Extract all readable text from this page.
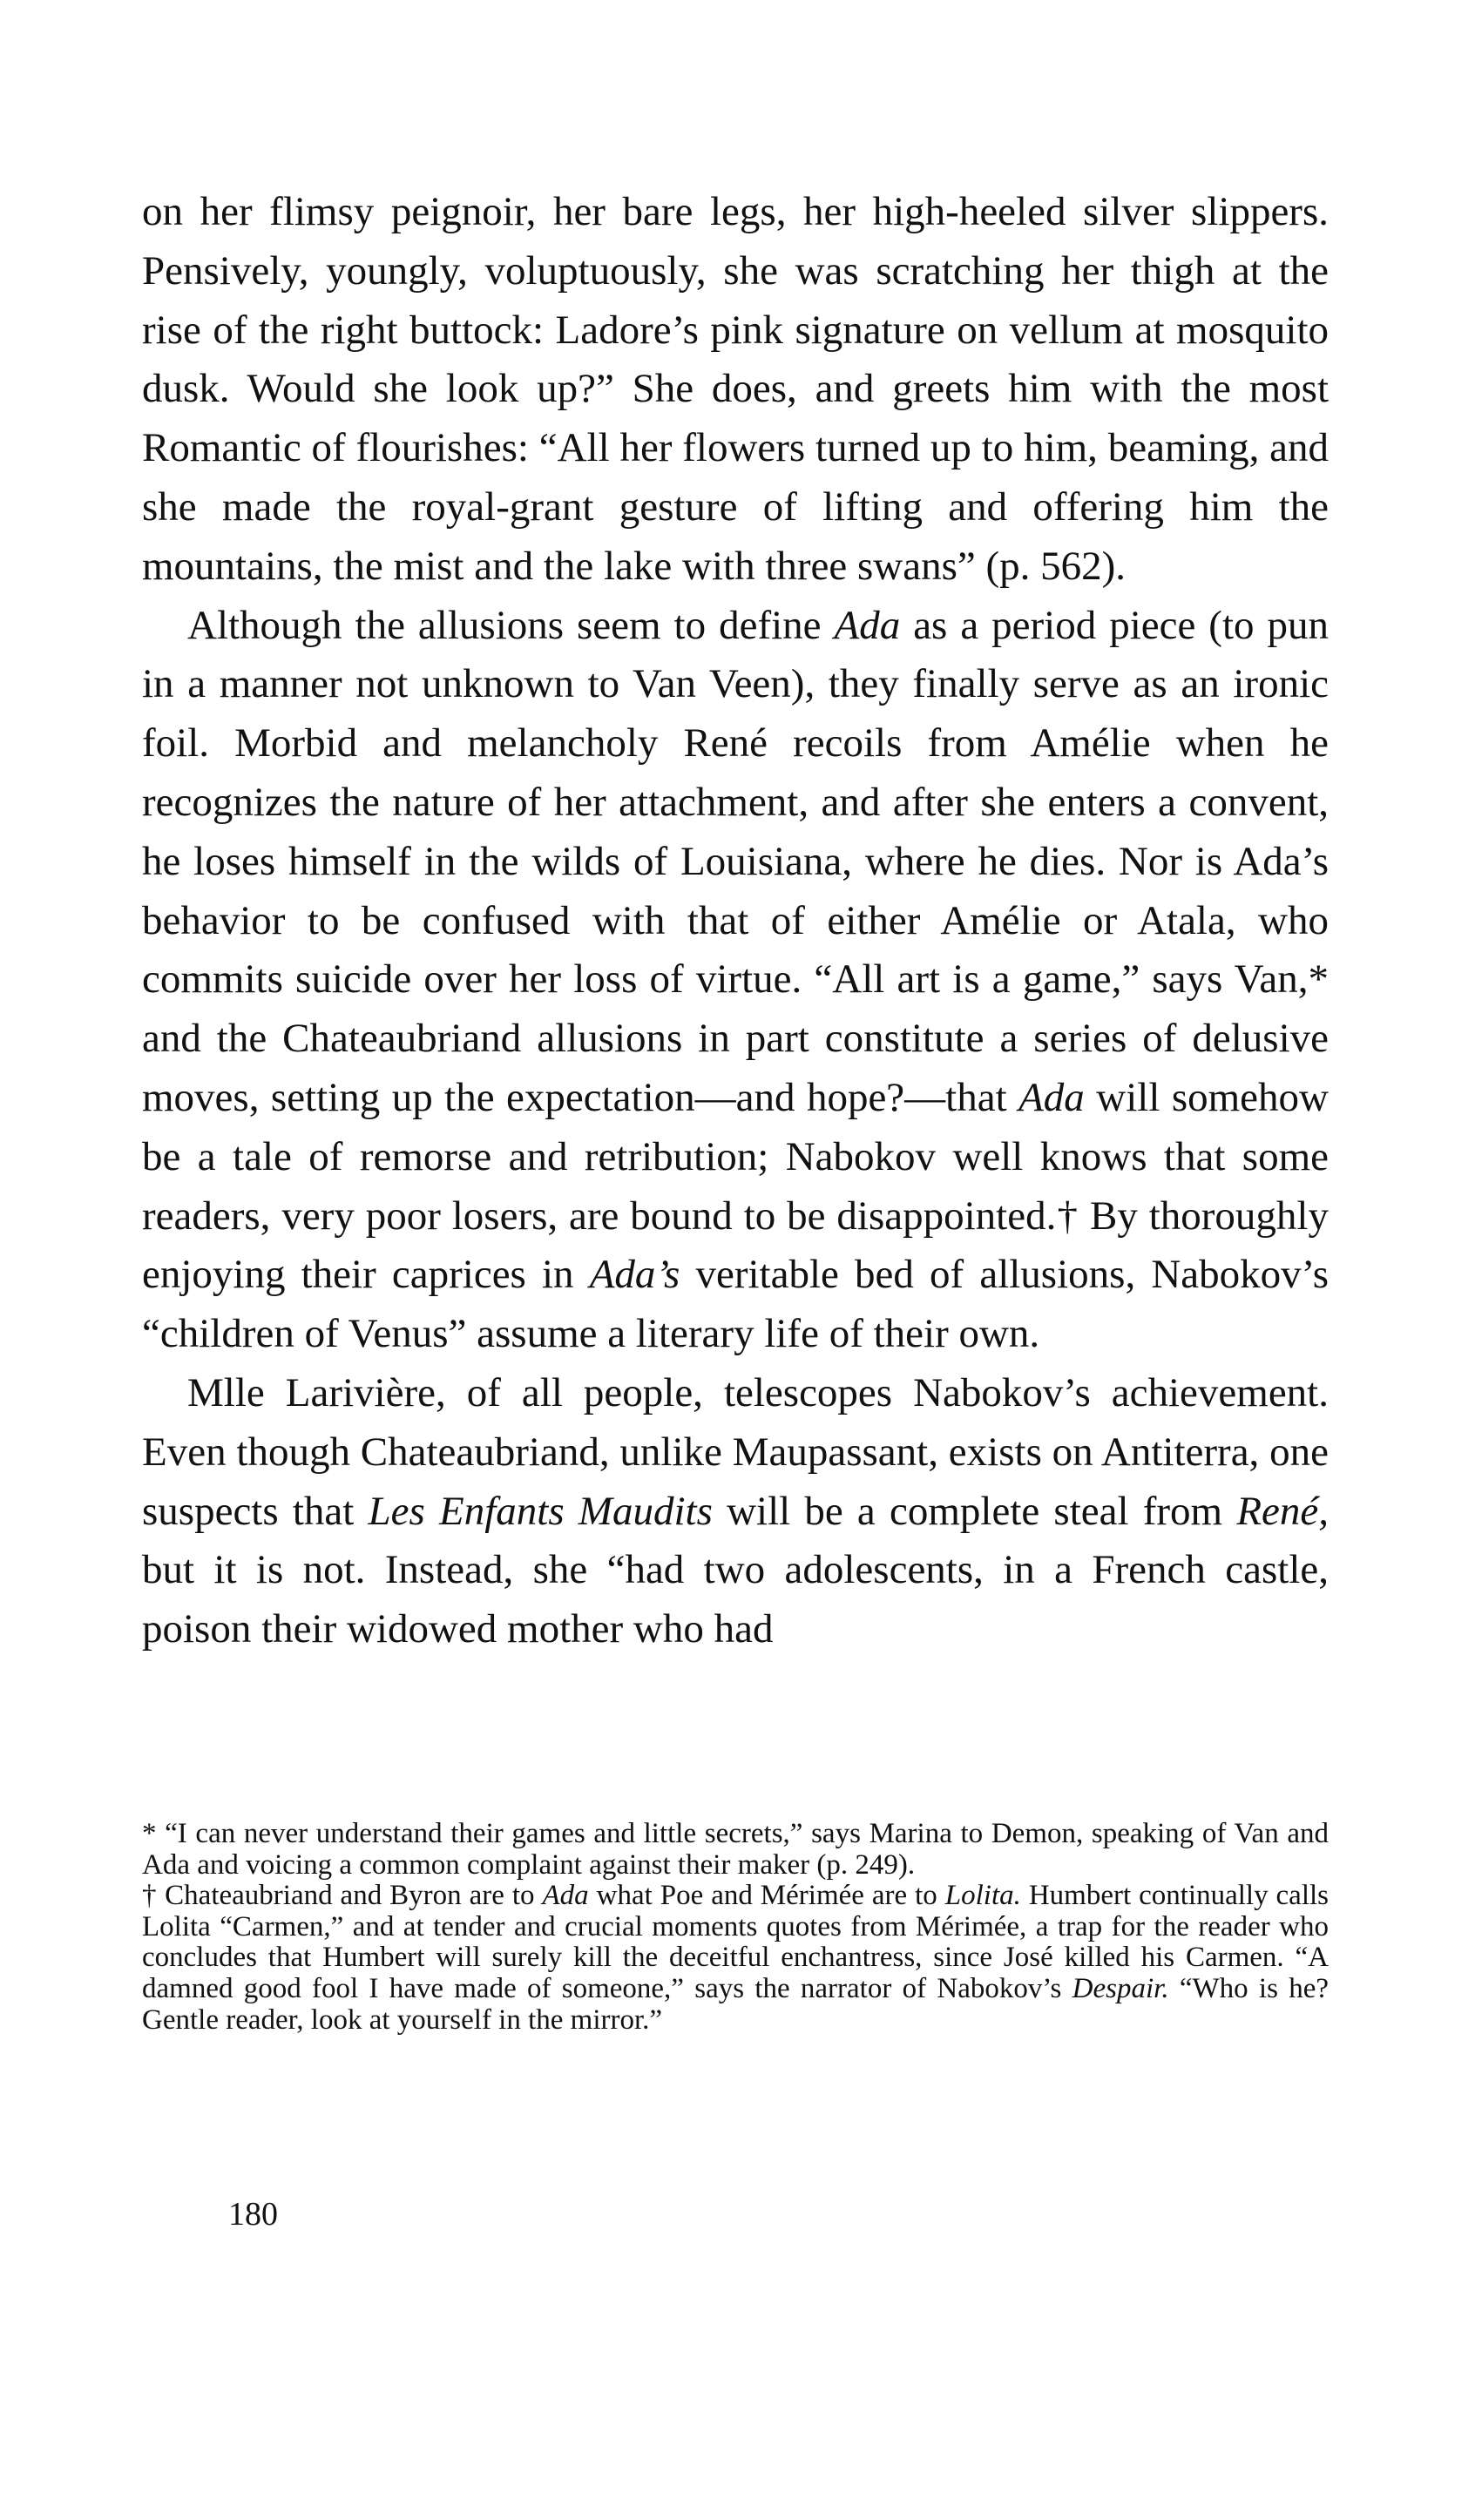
on her flimsy peignoir, her bare legs, her high-heeled silver slippers. Pensively, youngly, voluptuously, she was scratching her thigh at the rise of the right buttock: Ladore’s pink signature on vellum at mosquito dusk. Would she look up?” She does, and greets him with the most Romantic of flourishes: “All her flowers turned up to him, beaming, and she made the royal-grant gesture of lifting and offering him the mountains, the mist and the lake with three swans” (p. 562).

Although the allusions seem to define Ada as a period piece (to pun in a manner not unknown to Van Veen), they finally serve as an ironic foil. Morbid and melancholy René recoils from Amélie when he recognizes the nature of her attachment, and after she enters a convent, he loses himself in the wilds of Louisiana, where he dies. Nor is Ada’s behavior to be confused with that of either Amélie or Atala, who commits suicide over her loss of virtue. “All art is a game,” says Van,* and the Chateaubriand allusions in part constitute a series of delusive moves, setting up the expectation—and hope?—that Ada will somehow be a tale of remorse and retribution; Nabokov well knows that some readers, very poor losers, are bound to be disappointed.† By thoroughly enjoying their caprices in Ada’s veritable bed of allusions, Nabokov’s “children of Venus” assume a literary life of their own.

Mlle Larivière, of all people, telescopes Nabokov’s achievement. Even though Chateaubriand, unlike Maupassant, exists on Antiterra, one suspects that Les Enfants Maudits will be a complete steal from René, but it is not. Instead, she “had two adolescents, in a French castle, poison their widowed mother who had

* “I can never understand their games and little secrets,” says Marina to Demon, speaking of Van and Ada and voicing a common complaint against their maker (p. 249).

† Chateaubriand and Byron are to Ada what Poe and Mérimée are to Lolita. Humbert continually calls Lolita “Carmen,” and at tender and crucial moments quotes from Mérimée, a trap for the reader who concludes that Humbert will surely kill the deceitful enchantress, since José killed his Carmen. “A damned good fool I have made of someone,” says the narrator of Nabokov’s Despair. “Who is he? Gentle reader, look at yourself in the mirror.”

180
